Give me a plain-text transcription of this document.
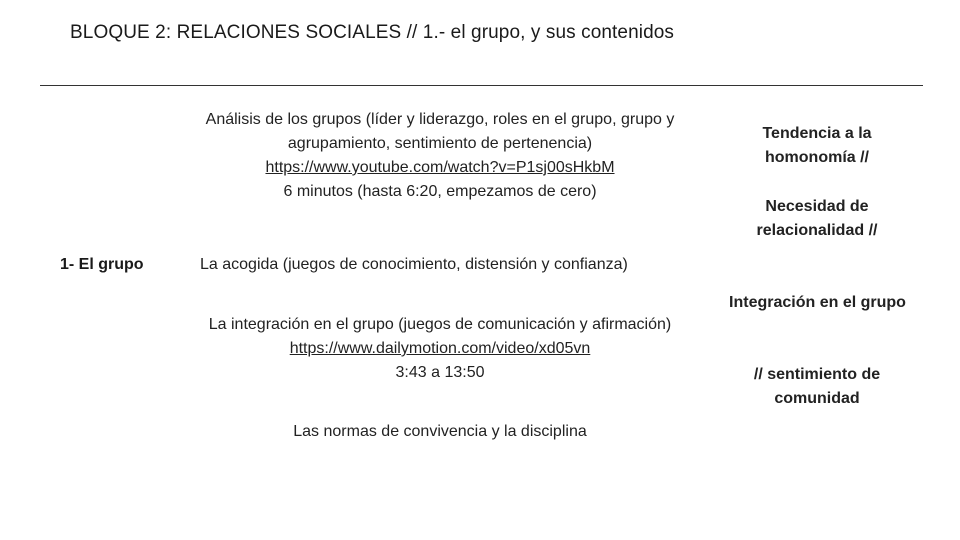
BLOQUE 2: RELACIONES SOCIALES // 1.- el grupo, y sus contenidos
Análisis de los grupos (líder y liderazgo, roles en el grupo, grupo y
agrupamiento, sentimiento de pertenencia)
https://www.youtube.com/watch?v=P1sj00sHkbM
6 minutos (hasta 6:20, empezamos de cero)
1- El grupo	La acogida (juegos de conocimiento, distensión y confianza)
La integración en el grupo (juegos de comunicación y afirmación)
https://www.dailymotion.com/video/xd05vn
3:43 a 13:50
Las normas de convivencia y la disciplina
Tendencia a la
homonomía //
Necesidad de
relacionalidad //
Integración en el grupo
// sentimiento de
comunidad
